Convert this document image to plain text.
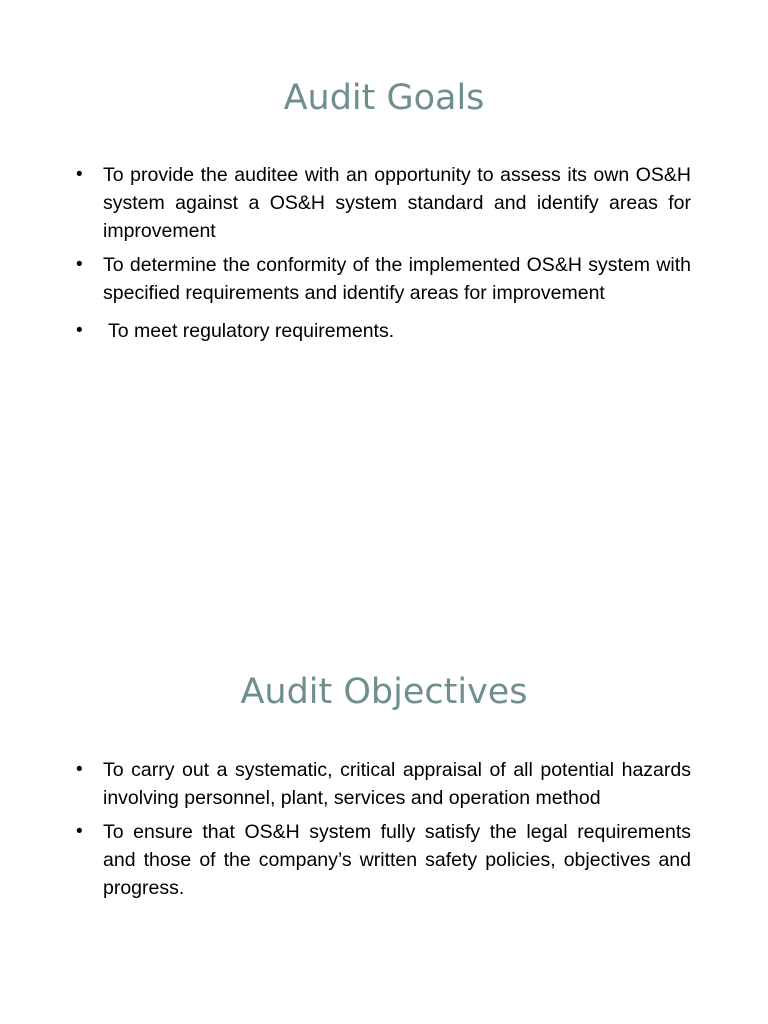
Audit Goals
• To provide the auditee with an opportunity to assess its own OS&H system against a OS&H system standard and identify areas for improvement
• To determine the conformity of the implemented OS&H system with specified requirements and identify areas for improvement
• To meet regulatory requirements.
Audit Objectives
• To carry out a systematic, critical appraisal of all potential hazards involving personnel, plant, services and operation method
• To ensure that OS&H system fully satisfy the legal requirements and those of the company’s written safety policies, objectives and progress.
